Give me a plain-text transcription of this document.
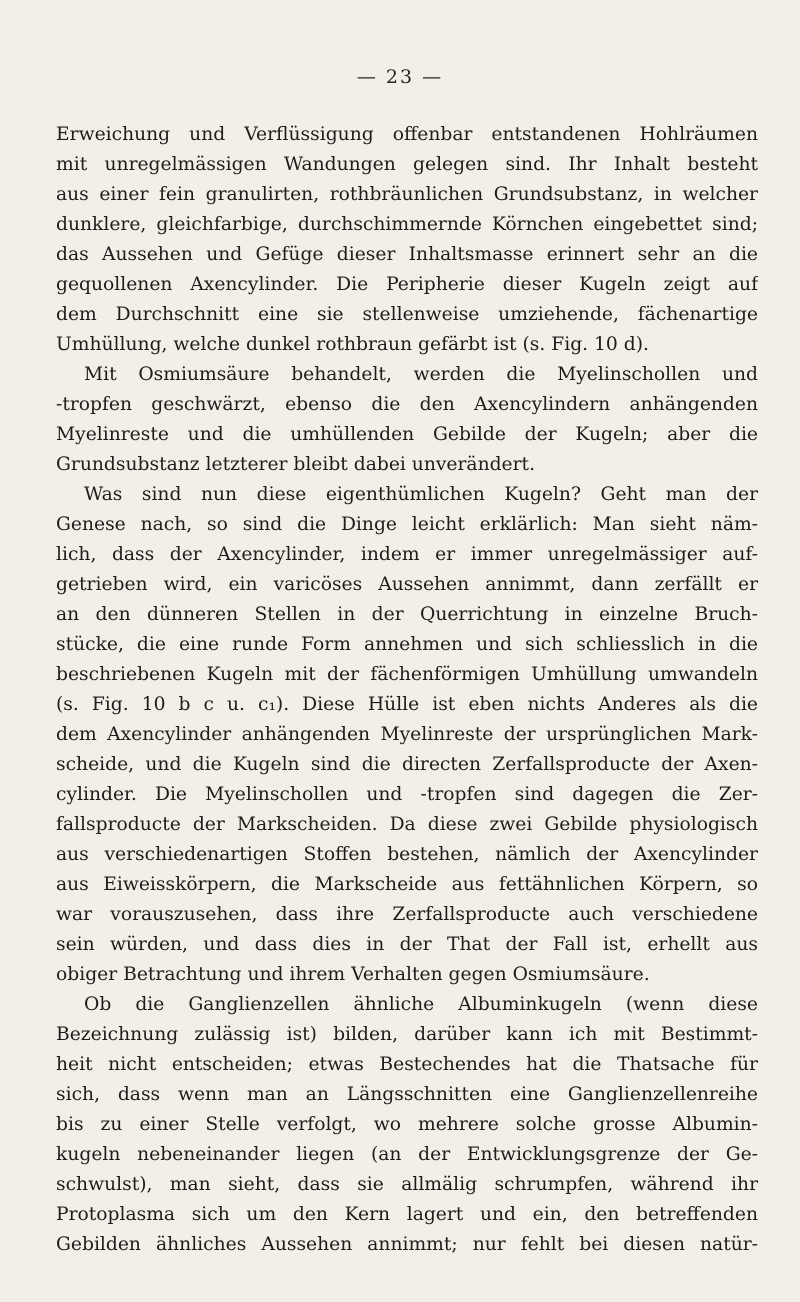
— 23 —
Erweichung und Verflüssigung offenbar entstandenen Hohlräumen
mit unregelmässigen Wandungen gelegen sind. Ihr Inhalt besteht
aus einer fein granulirten, rothbräunlichen Grundsubstanz, in welcher
dunklere, gleichfarbige, durchschimmernde Körnchen eingebettet sind;
das Aussehen und Gefüge dieser Inhaltsmasse erinnert sehr an die
gequollenen Axencylinder. Die Peripherie dieser Kugeln zeigt auf
dem Durchschnitt eine sie stellenweise umziehende, fächenartige
Umhüllung, welche dunkel rothbraun gefärbt ist (s. Fig. 10 d).
Mit Osmiumsäure behandelt, werden die Myelinschollen und
-tropfen geschwärzt, ebenso die den Axencylindern anhängenden
Myelinreste und die umhüllenden Gebilde der Kugeln; aber die
Grundsubstanz letzterer bleibt dabei unverändert.
Was sind nun diese eigenthümlichen Kugeln? Geht man der
Genese nach, so sind die Dinge leicht erklärlich: Man sieht näm-
lich, dass der Axencylinder, indem er immer unregelmässiger auf-
getrieben wird, ein varicöses Aussehen annimmt, dann zerfällt er
an den dünneren Stellen in der Querrichtung in einzelne Bruch-
stücke, die eine runde Form annehmen und sich schliesslich in die
beschriebenen Kugeln mit der fächenförmigen Umhüllung umwandeln
(s. Fig. 10 b c u. c₁). Diese Hülle ist eben nichts Anderes als die
dem Axencylinder anhängenden Myelinreste der ursprünglichen Mark-
scheide, und die Kugeln sind die directen Zerfallsproducte der Axen-
cylinder. Die Myelinschollen und -tropfen sind dagegen die Zer-
fallsproducte der Markscheiden. Da diese zwei Gebilde physiologisch
aus verschiedenartigen Stoffen bestehen, nämlich der Axencylinder
aus Eiweisskörpern, die Markscheide aus fettähnlichen Körpern, so
war vorauszusehen, dass ihre Zerfallsproducte auch verschiedene
sein würden, und dass dies in der That der Fall ist, erhellt aus
obiger Betrachtung und ihrem Verhalten gegen Osmiumsäure.
Ob die Ganglienzellen ähnliche Albuminkugeln (wenn diese
Bezeichnung zulässig ist) bilden, darüber kann ich mit Bestimmt-
heit nicht entscheiden; etwas Bestechendes hat die Thatsache für
sich, dass wenn man an Längsschnitten eine Ganglienzellenreihe
bis zu einer Stelle verfolgt, wo mehrere solche grosse Albumin-
kugeln nebeneinander liegen (an der Entwicklungsgrenze der Ge-
schwulst), man sieht, dass sie allmälig schrumpfen, während ihr
Protoplasma sich um den Kern lagert und ein, den betreffenden
Gebilden ähnliches Aussehen annimmt; nur fehlt bei diesen natür-
